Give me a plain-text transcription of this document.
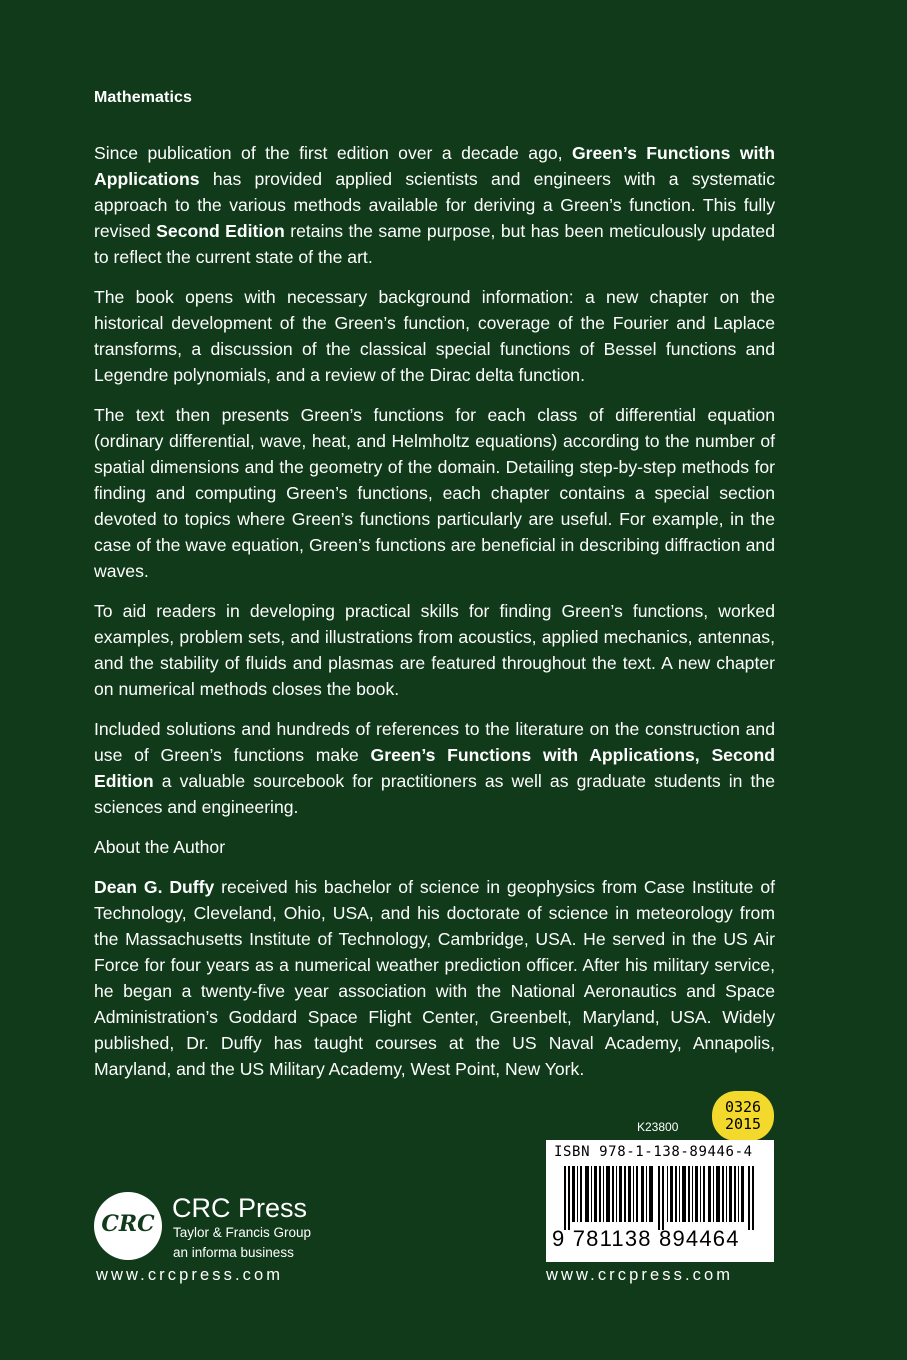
Mathematics

Since publication of the first edition over a decade ago, Green’s Functions with Applications has provided applied scientists and engineers with a systematic approach to the various methods available for deriving a Green’s function. This fully revised Second Edition retains the same purpose, but has been meticulously updated to reflect the current state of the art.

The book opens with necessary background information: a new chapter on the historical development of the Green’s function, coverage of the Fourier and Laplace transforms, a discussion of the classical special functions of Bessel functions and Legendre polynomials, and a review of the Dirac delta function.

The text then presents Green’s functions for each class of differential equation (ordinary differential, wave, heat, and Helmholtz equations) according to the number of spatial dimensions and the geometry of the domain. Detailing step-by-step methods for finding and computing Green’s functions, each chapter contains a special section devoted to topics where Green’s functions particularly are useful. For example, in the case of the wave equation, Green’s functions are beneficial in describing diffraction and waves.

To aid readers in developing practical skills for finding Green’s functions, worked examples, problem sets, and illustrations from acoustics, applied mechanics, antennas, and the stability of fluids and plasmas are featured throughout the text. A new chapter on numerical methods closes the book.

Included solutions and hundreds of references to the literature on the construction and use of Green’s functions make Green’s Functions with Applications, Second Edition a valuable sourcebook for practitioners as well as graduate students in the sciences and engineering.

About the Author

Dean G. Duffy received his bachelor of science in geophysics from Case Institute of Technology, Cleveland, Ohio, USA, and his doctorate of science in meteorology from the Massachusetts Institute of Technology, Cambridge, USA. He served in the US Air Force for four years as a numerical weather prediction officer. After his military service, he began a twenty-five year association with the National Aeronautics and Space Administration’s Goddard Space Flight Center, Greenbelt, Maryland, USA. Widely published, Dr. Duffy has taught courses at the US Naval Academy, Annapolis, Maryland, and the US Military Academy, West Point, New York.

K23800
0326
2015
ISBN 978-1-138-89446-4
9 781138 894464
CRC
CRC Press
Taylor & Francis Group
an informa business
www.crcpress.com	www.crcpress.com
